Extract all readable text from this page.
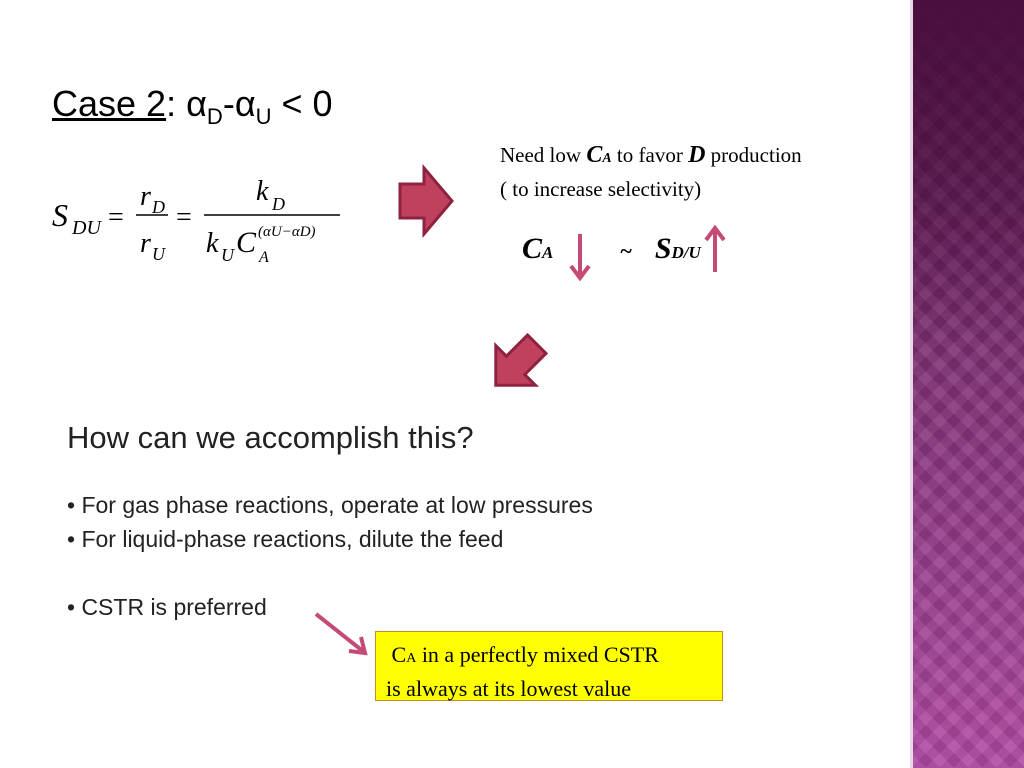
Case 2: $\alpha_D-\alpha_U < 0$
S DU =
r D
r U
=
k D
k U C A
(αU−αD)
Need low CA to favor D production
( to increase selectivity)
CA	~ SD/U
How can we accomplish this?
• For gas phase reactions, operate at low pressures
• For liquid-phase reactions, dilute the feed
• CSTR is preferred
CA in a perfectly mixed CSTR
is always at its lowest value
